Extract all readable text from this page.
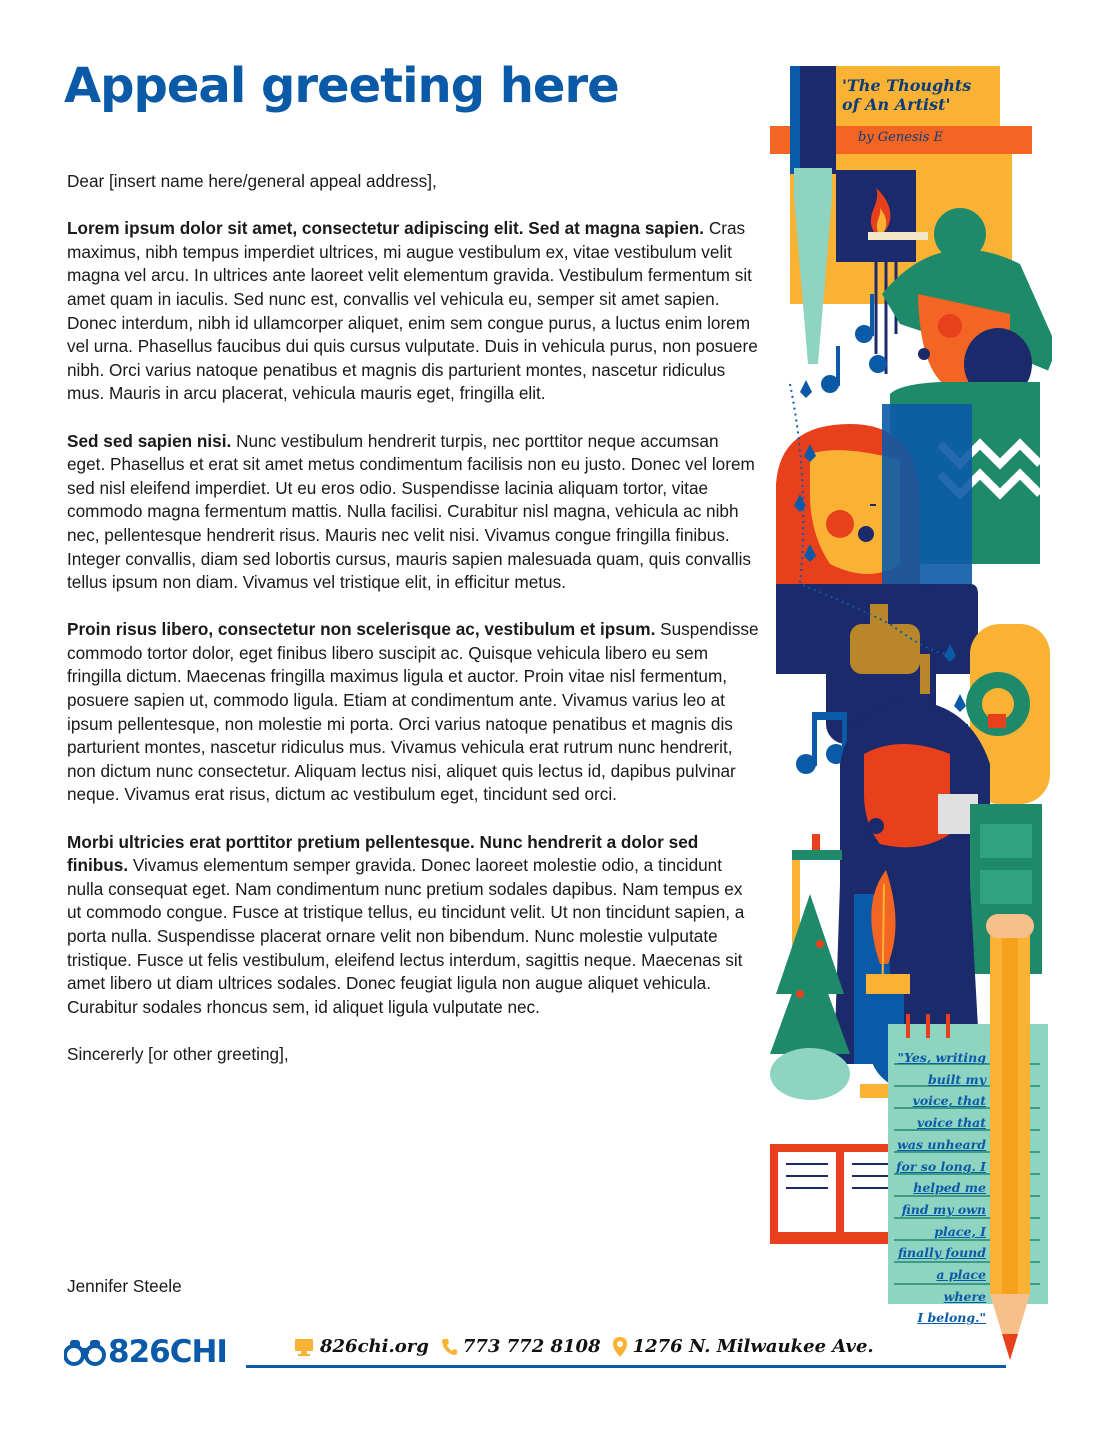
Appeal greeting here

Dear [insert name here/general appeal address],

Lorem ipsum dolor sit amet, consectetur adipiscing elit. Sed at magna sapien. Cras maximus, nibh tempus imperdiet ultrices, mi augue vestibulum ex, vitae vestibulum velit magna vel arcu. In ultrices ante laoreet velit elementum gravida. Vestibulum fermentum sit amet quam in iaculis. Sed nunc est, convallis vel vehicula eu, semper sit amet sapien. Donec interdum, nibh id ullamcorper aliquet, enim sem congue purus, a luctus enim lorem vel urna. Phasellus faucibus dui quis cursus vulputate. Duis in vehicula purus, non posuere nibh. Orci varius natoque penatibus et magnis dis parturient montes, nascetur ridiculus mus. Mauris in arcu placerat, vehicula mauris eget, fringilla elit.

Sed sed sapien nisi. Nunc vestibulum hendrerit turpis, nec porttitor neque accumsan eget. Phasellus et erat sit amet metus condimentum facilisis non eu justo. Donec vel lorem sed nisl eleifend imperdiet. Ut eu eros odio. Suspendisse lacinia aliquam tortor, vitae commodo magna fermentum mattis. Nulla facilisi. Curabitur nisl magna, vehicula ac nibh nec, pellentesque hendrerit risus. Mauris nec velit nisi. Vivamus congue fringilla finibus. Integer convallis, diam sed lobortis cursus, mauris sapien malesuada quam, quis convallis tellus ipsum non diam. Vivamus vel tristique elit, in efficitur metus.

Proin risus libero, consectetur non scelerisque ac, vestibulum et ipsum. Suspendisse commodo tortor dolor, eget finibus libero suscipit ac. Quisque vehicula libero eu sem fringilla dictum. Maecenas fringilla maximus ligula et auctor. Proin vitae nisl fermentum, posuere sapien ut, commodo ligula. Etiam at condimentum ante. Vivamus varius leo at ipsum pellentesque, non molestie mi porta. Orci varius natoque penatibus et magnis dis parturient montes, nascetur ridiculus mus. Vivamus vehicula erat rutrum nunc hendrerit, non dictum nunc consectetur. Aliquam lectus nisi, aliquet quis lectus id, dapibus pulvinar neque. Vivamus erat risus, dictum ac vestibulum eget, tincidunt sed orci.

Morbi ultricies erat porttitor pretium pellentesque. Nunc hendrerit a dolor sed finibus. Vivamus elementum semper gravida. Donec laoreet molestie odio, a tincidunt nulla consequat eget. Nam condimentum nunc pretium sodales dapibus. Nam tempus ex ut commodo congue. Fusce at tristique tellus, eu tincidunt velit. Ut non tincidunt sapien, a porta nulla. Suspendisse placerat ornare velit non bibendum. Nunc molestie vulputate tristique. Fusce ut felis vestibulum, eleifend lectus interdum, sagittis neque. Maecenas sit amet libero ut diam ultrices sodales. Donec feugiat ligula non augue aliquet vehicula. Curabitur sodales rhoncus sem, id aliquet ligula vulputate nec.

Sincererly [or other greeting],

Jennifer Steele
'The Thoughts of An Artist'
by Genesis E
"Yes, writing
built my
voice, that
voice that
was unheard
for so long. I
helped me
find my own
place, I
finally found
a place where
I belong."
826CHI	826chi.org 773 772 8108 1276 N. Milwaukee Ave.
